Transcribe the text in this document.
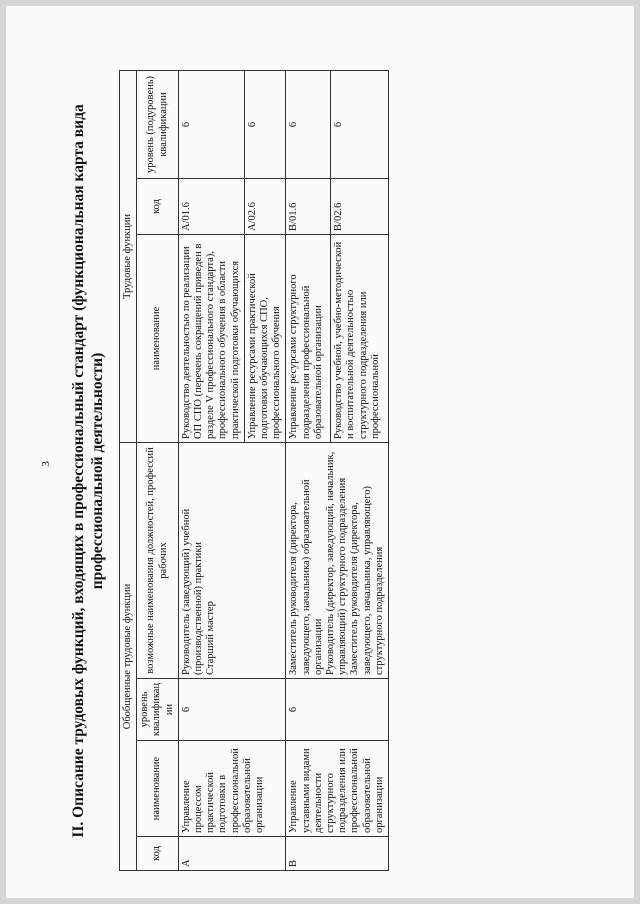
3 II. Описание трудовых функций, входящих в профессиональный стандарт (функциональная карта вида профессиональной деятельности)
Обобщенные трудовые функции				Трудовые функции		
код	наименование	уровень квалификации	возможные наименования должностей, профессий рабочих	наименование	код	уровень (подуровень) квалификации
A	Управление процессом практической подготовки в профессиональной образовательной организации	6	Руководитель (заведующий) учебной (производственной) практики Старший мастер	Руководство деятельностью по реализации ОП СПО (перечень сокращений приведен в разделе V профессионального стандарта), профессионального обучения в области практической подготовки обучающихся	A/01.6	6
				Управление ресурсами практической подготовки обучающихся СПО, профессионального обучения	A/02.6	6
B	Управление уставными видами деятельности структурного подразделения или профессиональной образовательной организации	6	Заместитель руководителя (директора, заведующего, начальника) образовательной организации Руководитель (директор, заведующий, начальник, управляющий) структурного подразделения Заместитель руководителя (директора, заведующего, начальника, управляющего) структурного подразделения	Управление ресурсами структурного подразделения профессиональной образовательной организации	B/01.6	6
				Руководство учебной, учебно-методической и воспитательной деятельностью структурного подразделения или профессиональной	B/02.6	6
